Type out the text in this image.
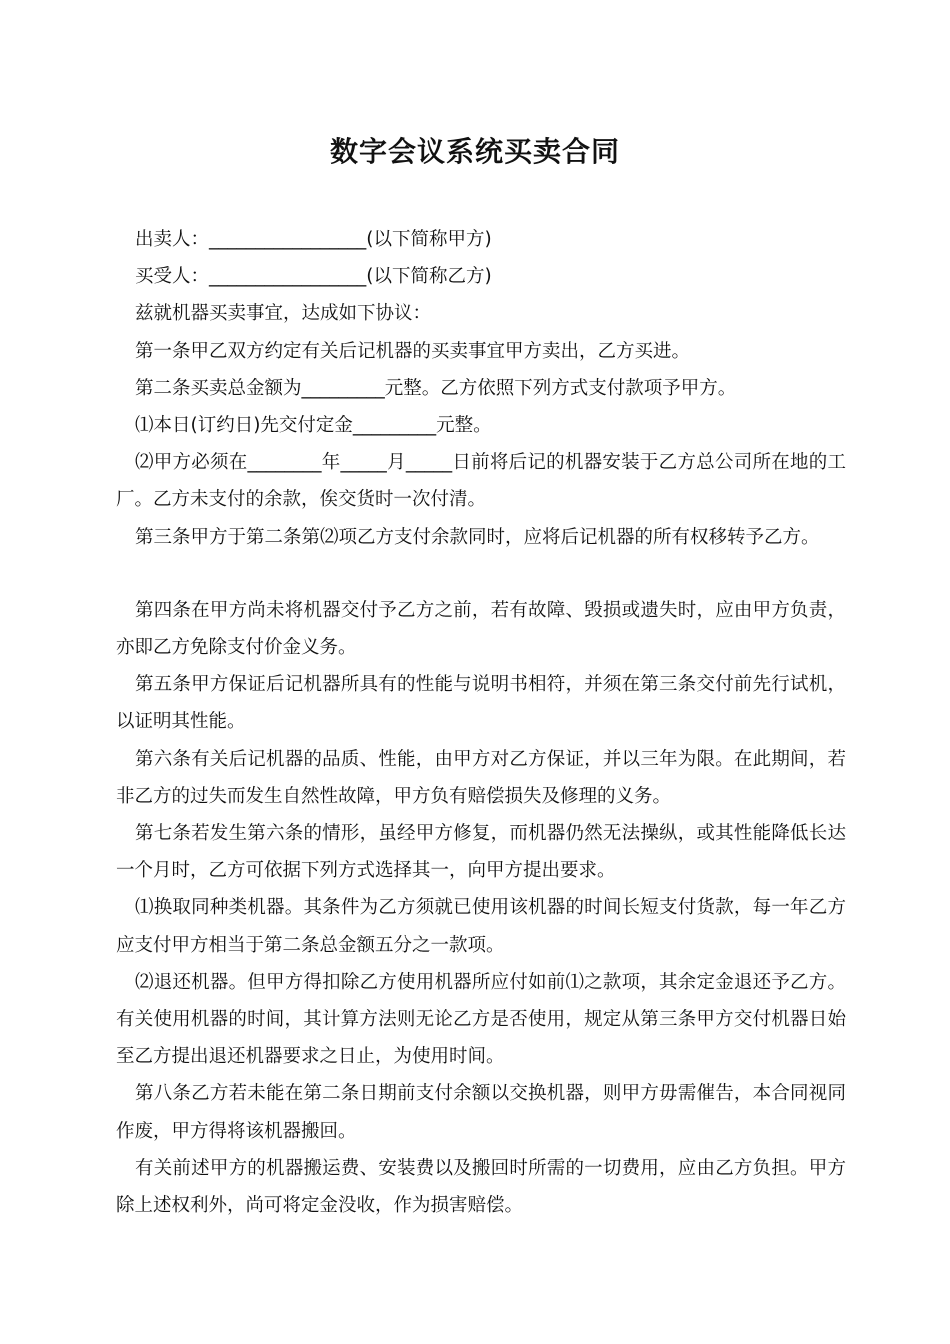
数字会议系统买卖合同

出卖人：_________________(以下简称甲方)

买受人：_________________(以下简称乙方)

兹就机器买卖事宜，达成如下协议：

第一条甲乙双方约定有关后记机器的买卖事宜甲方卖出，乙方买进。

第二条买卖总金额为_________元整。乙方依照下列方式支付款项予甲方。

⑴本日(订约日)先交付定金_________元整。

⑵甲方必须在________年_____月_____日前将后记的机器安装于乙方总公司所在地的工厂。乙方未支付的余款，俟交货时一次付清。

第三条甲方于第二条第⑵项乙方支付余款同时，应将后记机器的所有权移转予乙方。

第四条在甲方尚未将机器交付予乙方之前，若有故障、毁损或遗失时，应由甲方负责，亦即乙方免除支付价金义务。

第五条甲方保证后记机器所具有的性能与说明书相符，并须在第三条交付前先行试机，以证明其性能。

第六条有关后记机器的品质、性能，由甲方对乙方保证，并以三年为限。在此期间，若非乙方的过失而发生自然性故障，甲方负有赔偿损失及修理的义务。

第七条若发生第六条的情形，虽经甲方修复，而机器仍然无法操纵，或其性能降低长达一个月时，乙方可依据下列方式选择其一，向甲方提出要求。

⑴换取同种类机器。其条件为乙方须就已使用该机器的时间长短支付货款，每一年乙方应支付甲方相当于第二条总金额五分之一款项。

⑵退还机器。但甲方得扣除乙方使用机器所应付如前⑴之款项，其余定金退还予乙方。有关使用机器的时间，其计算方法则无论乙方是否使用，规定从第三条甲方交付机器日始至乙方提出退还机器要求之日止，为使用时间。

第八条乙方若未能在第二条日期前支付余额以交换机器，则甲方毋需催告，本合同视同作废，甲方得将该机器搬回。

有关前述甲方的机器搬运费、安装费以及搬回时所需的一切费用，应由乙方负担。甲方除上述权利外，尚可将定金没收，作为损害赔偿。
